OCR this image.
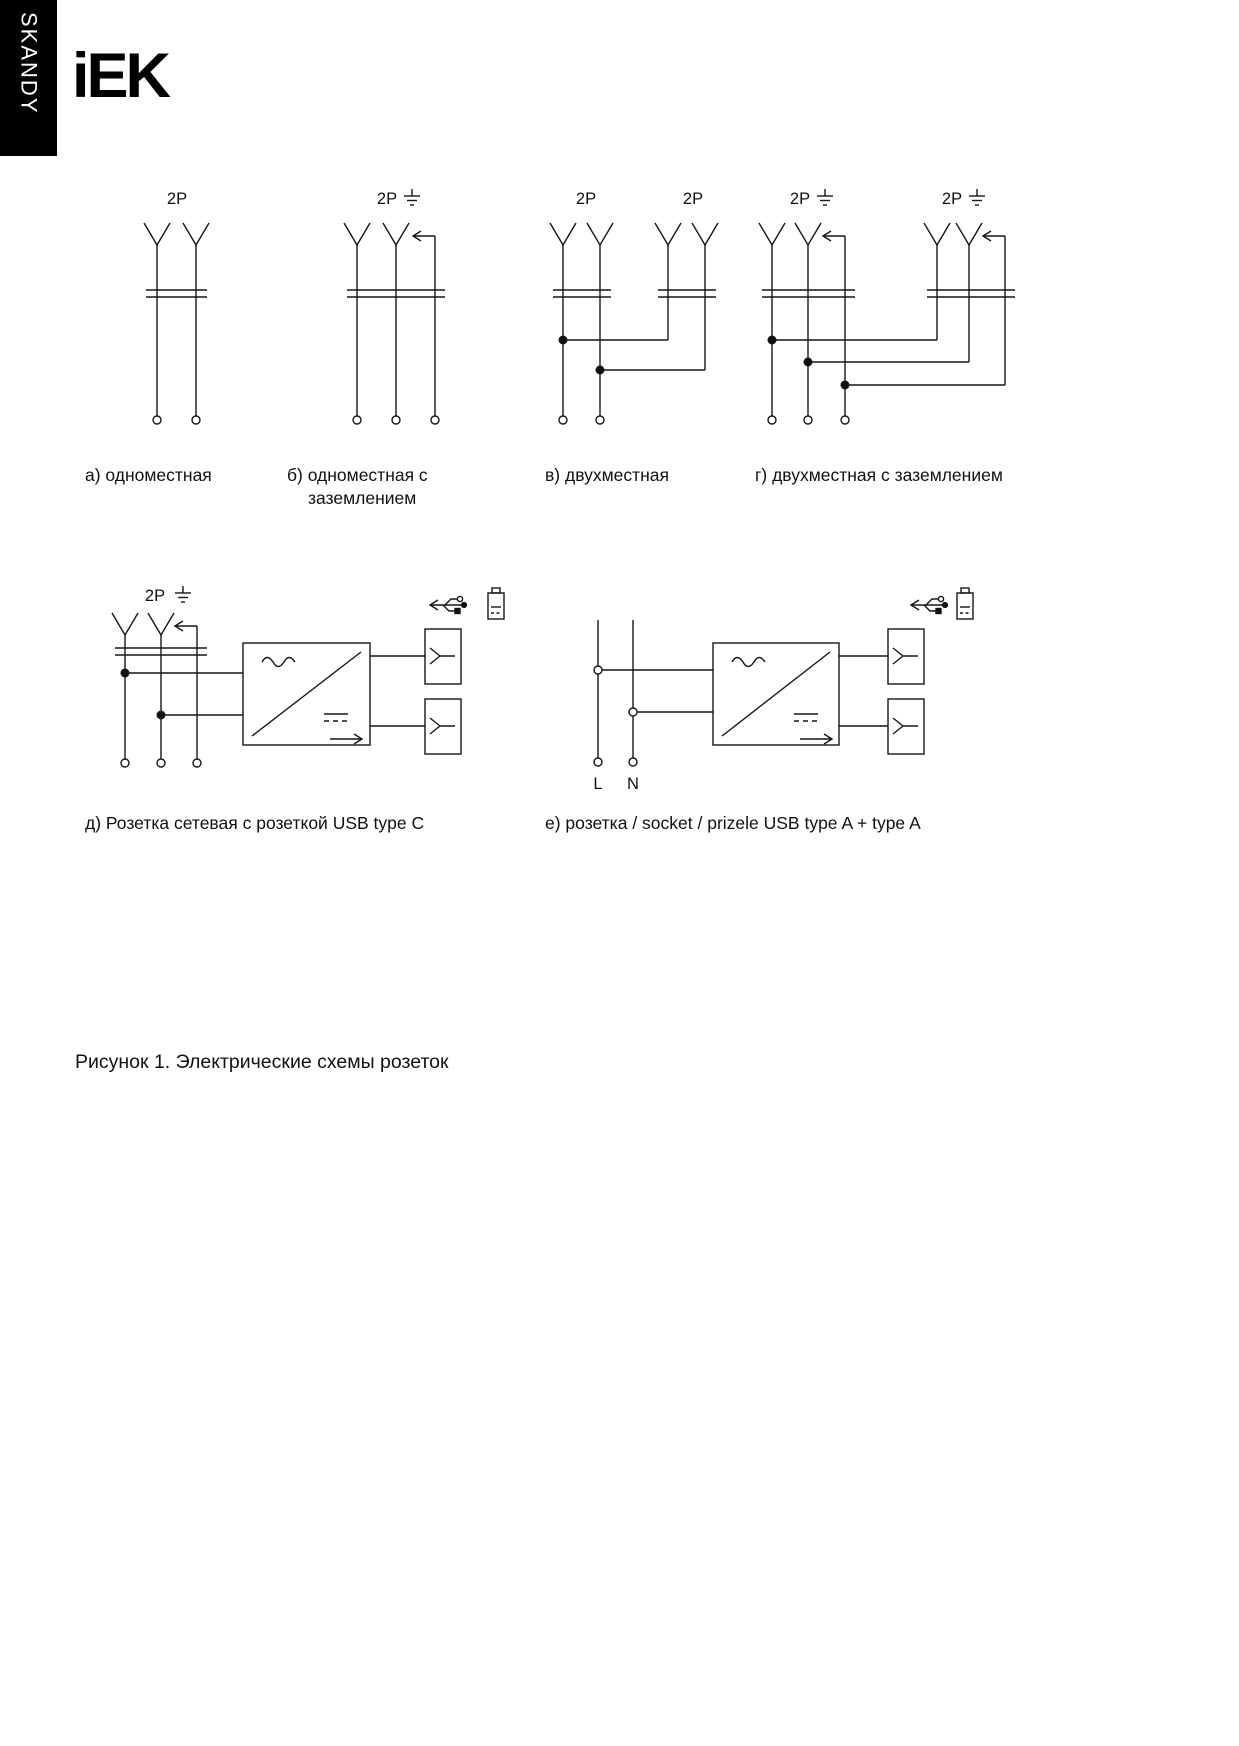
SKANDY iEK
2P	2P	2P	2P	2P	2P
2P
L N
а) одноместная	б) одноместная с
заземлением
в) двухместная	г) двухместная с заземлением
д) Розетка сетевая с розеткой USB type C	е) розетка / socket / prizele USB type A + type A
Рисунок 1. Электрические схемы розеток
